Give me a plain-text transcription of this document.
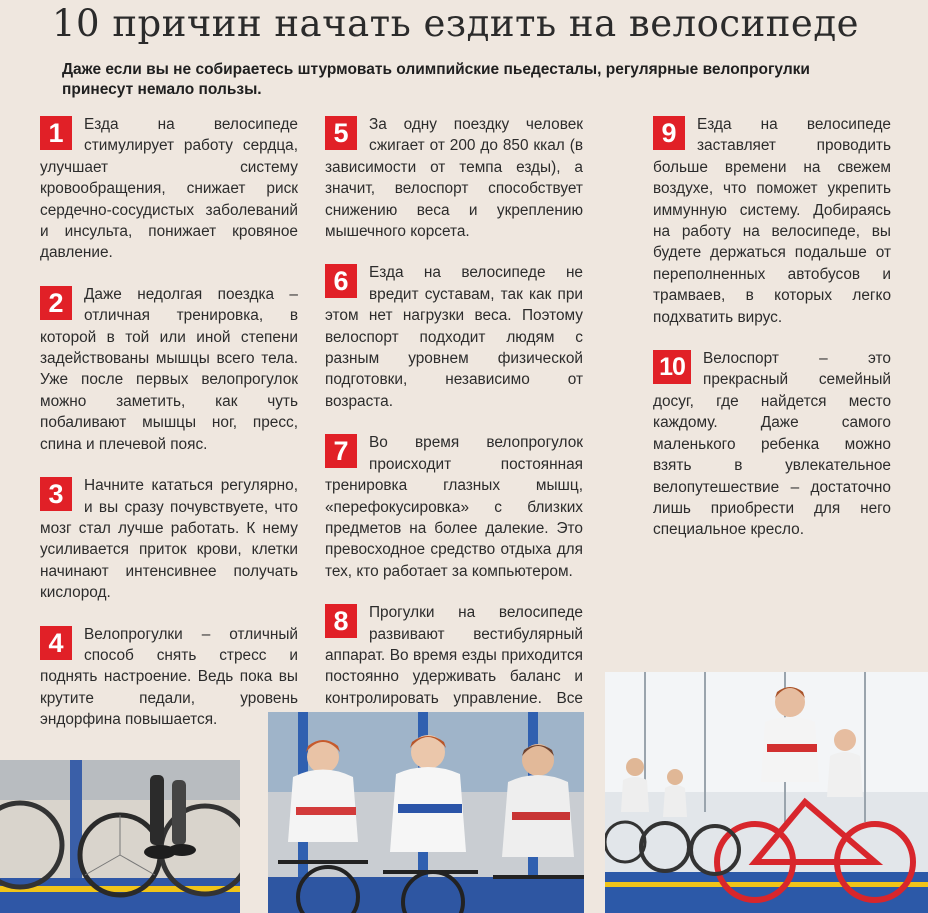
10 причин начать ездить на велосипеде
Даже если вы не собираетесь штурмовать олимпийские пьедесталы, регулярные велопрогулки принесут немало пользы.
1	Езда на велосипеде стимулирует работу сердца, улучшает систему кровообращения, снижает риск сердечно-сосудистых заболеваний и инсульта, понижает кровяное давление.
2	Даже недолгая поездка – отличная тренировка, в которой в той или иной степени задействованы мышцы всего тела. Уже после первых велопрогулок можно заметить, как чуть побаливают мышцы ног, пресс, спина и плечевой пояс.
3	Начните кататься регулярно, и вы сразу почувствуете, что мозг стал лучше работать. К нему усиливается приток крови, клетки начинают интенсивнее получать кислород.
4	Велопрогулки – отличный способ снять стресс и поднять настроение. Ведь пока вы крутите педали, уровень эндорфина повышается.
5	За одну поездку человек сжигает от 200 до 850 ккал (в зависимости от темпа езды), а значит, велоспорт способствует снижению веса и укреплению мышечного корсета.
6	Езда на велосипеде не вредит суставам, так как при этом нет нагрузки веса. Поэтому велоспорт подходит людям с разным уровнем физической подготовки, независимо от возраста.
7	Во время велопрогулок происходит постоянная тренировка глазных мышц, «перефокусировка» с близких предметов на более далекие. Это превосходное средство отдыха для тех, кто работает за компьютером.
8	Прогулки на велосипеде развивают вестибулярный аппарат. Во время езды приходится постоянно удерживать баланс и контролировать управление. Все
9	Езда на велосипеде заставляет проводить больше времени на свежем воздухе, что поможет укрепить иммунную систему. Добираясь на работу на велосипеде, вы будете держаться подальше от переполненных автобусов и трамваев, в которых легко подхватить вирус.
10	Велоспорт – это прекрасный семейный досуг, где найдется место каждому. Даже самого маленького ребенка можно взять в увлекательное велопутешествие – достаточно лишь приобрести для него специальное кресло.
